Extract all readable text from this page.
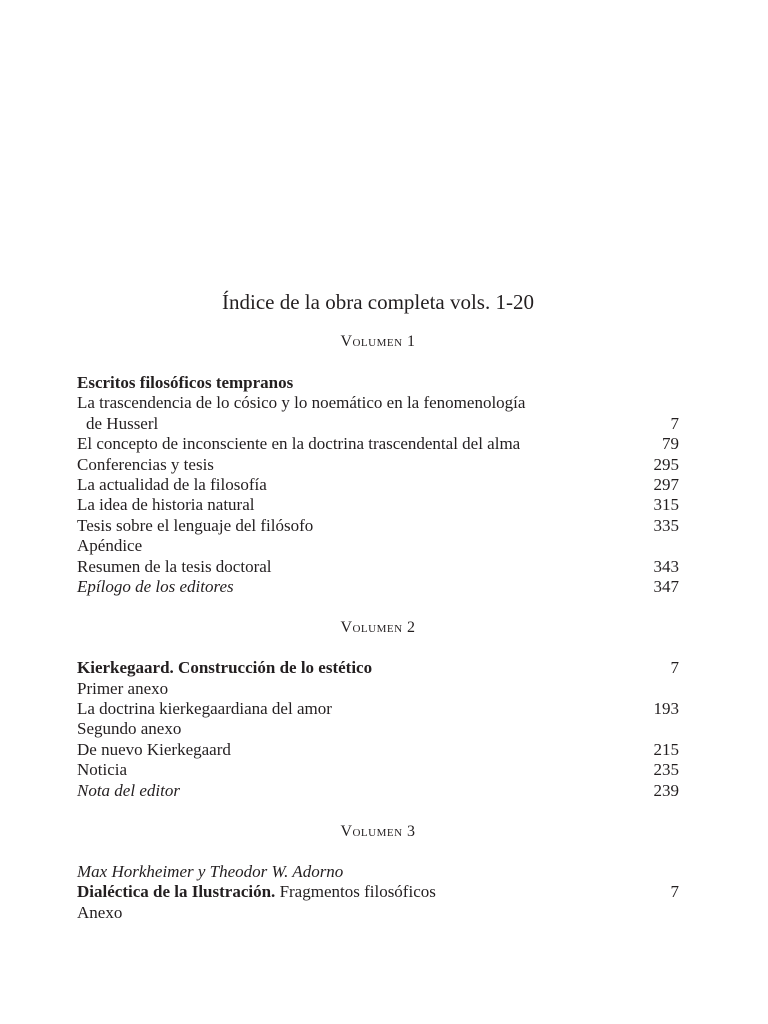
Índice de la obra completa vols. 1-20
Volumen 1
Escritos filosóficos tempranos
La trascendencia de lo cósico y lo noemático en la fenomenología
de Husserl	7
El concepto de inconsciente en la doctrina trascendental del alma	79
Conferencias y tesis	295
La actualidad de la filosofía	297
La idea de historia natural	315
Tesis sobre el lenguaje del filósofo	335
Apéndice
Resumen de la tesis doctoral	343
Epílogo de los editores	347
Volumen 2
Kierkegaard. Construcción de lo estético	7
Primer anexo
La doctrina kierkegaardiana del amor	193
Segundo anexo
De nuevo Kierkegaard	215
Noticia	235
Nota del editor	239
Volumen 3
Max Horkheimer y Theodor W. Adorno
Dialéctica de la Ilustración. Fragmentos filosóficos	7
Anexo
